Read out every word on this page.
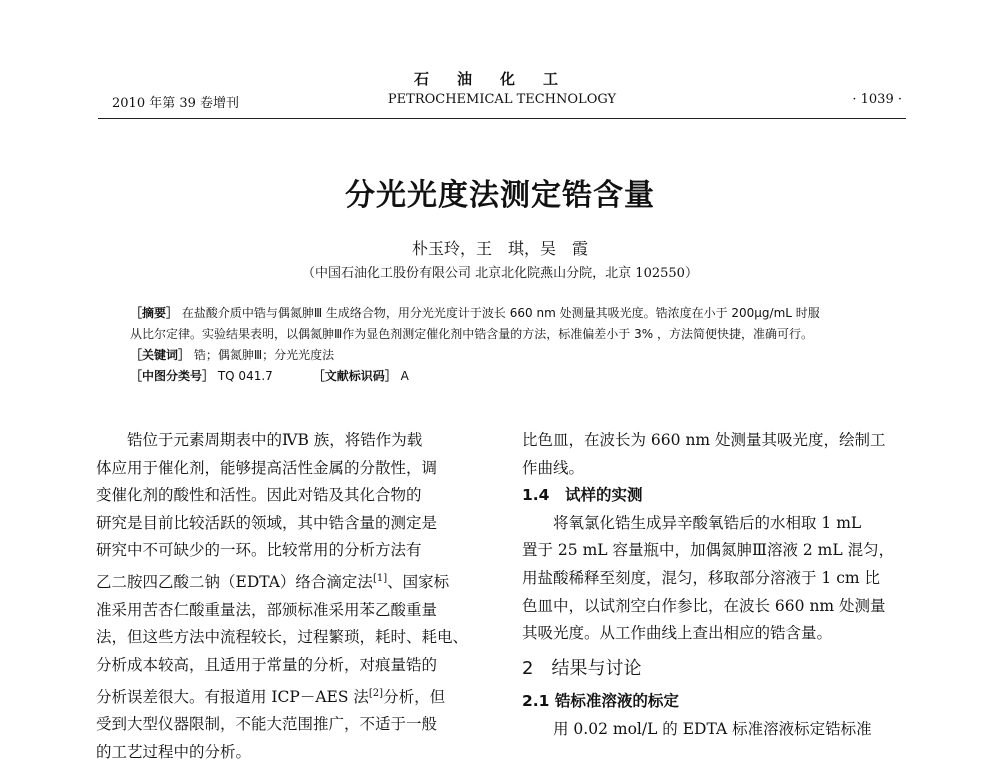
石油化工
2010 年第 39 卷增刊	PETROCHEMICAL TECHNOLOGY	· 1039 ·
分光光度法测定锆含量
朴玉玲，王　琪，吴　霞
（中国石油化工股份有限公司 北京北化院燕山分院，北京 102550）

［摘要］ 在盐酸介质中锆与偶氮胂Ⅲ 生成络合物，用分光光度计于波长 660 nm 处测量其吸光度。锆浓度在小于 200μg/mL 时服

从比尔定律。实验结果表明，以偶氮胂Ⅲ作为显色剂测定催化剂中锆含量的方法，标准偏差小于 3% ，方法简便快捷，准确可行。

［关键词］ 锆；偶氮胂Ⅲ；分光光度法

［中图分类号］ TQ 041.7	［文献标识码］ A

锆位于元素周期表中的ⅣB 族，将锆作为载

体应用于催化剂，能够提高活性金属的分散性，调

变催化剂的酸性和活性。因此对锆及其化合物的

研究是目前比较活跃的领域，其中锆含量的测定是

研究中不可缺少的一环。比较常用的分析方法有

乙二胺四乙酸二钠（EDTA）络合滴定法[1]、国家标

准采用苦杏仁酸重量法，部颁标准采用苯乙酸重量

法，但这些方法中流程较长，过程繁琐，耗时、耗电、

分析成本较高，且适用于常量的分析，对痕量锆的

分析误差很大。有报道用 ICP－AES 法[2]分析，但

受到大型仪器限制，不能大范围推广，不适于一般

的工艺过程中的分析。

比色皿，在波长为 660 nm 处测量其吸光度，绘制工

作曲线。

1.4　试样的实测

将氧氯化锆生成异辛酸氧锆后的水相取 1 mL

置于 25 mL 容量瓶中，加偶氮胂Ⅲ溶液 2 mL 混匀，

用盐酸稀释至刻度，混匀，移取部分溶液于 1 cm 比

色皿中，以试剂空白作参比，在波长 660 nm 处测量

其吸光度。从工作曲线上查出相应的锆含量。

2　结果与讨论

2.1 锆标准溶液的标定

用 0.02 mol/L 的 EDTA 标准溶液标定锆标准
